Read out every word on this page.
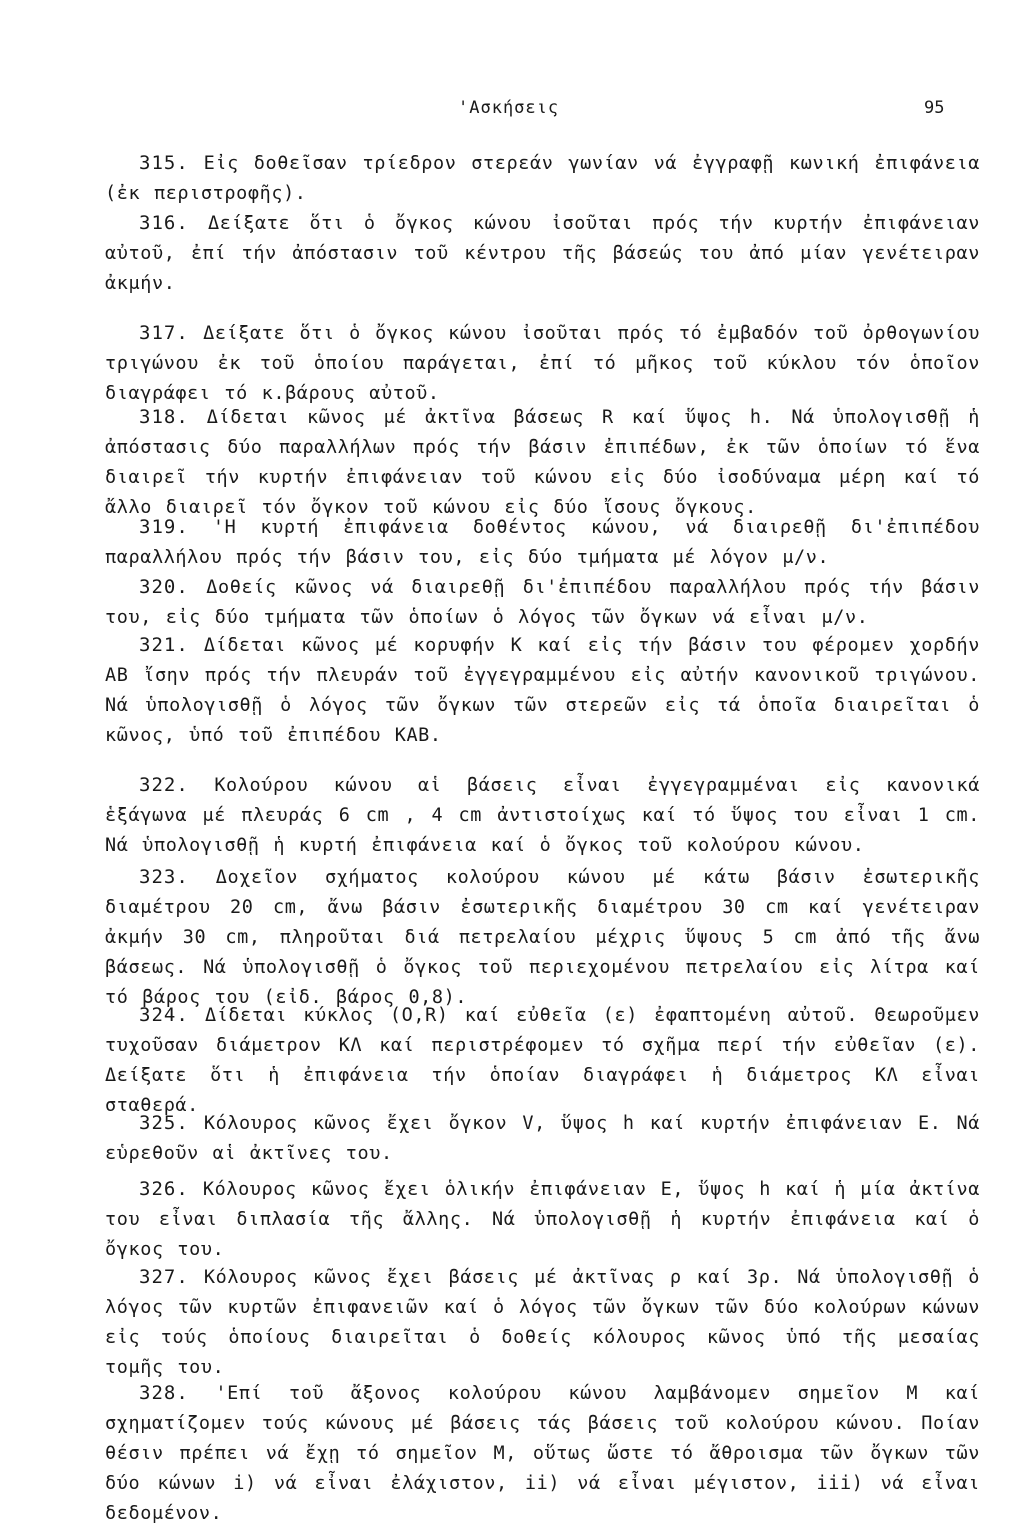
'Ασκήσεις	95

315. Εἰς δοθεῖσαν τρίεδρον στερεάν γωνίαν νά ἐγγραφῇ κωνική ἐπιφάνεια (ἐκ περιστροφῆς).

316. Δείξατε ὅτι ὁ ὄγκος κώνου ἰσοῦται πρός τήν κυρτήν ἐπιφάνειαν αὐτοῦ, ἐπί τήν ἀπόστασιν τοῦ κέντρου τῆς βάσεώς του ἀπό μίαν γενέτειραν ἀκμήν.

317. Δείξατε ὅτι ὁ ὄγκος κώνου ἰσοῦται πρός τό ἐμβαδόν τοῦ ὀρθογωνίου τριγώνου ἐκ τοῦ ὁποίου παράγεται, ἐπί τό μῆκος τοῦ κύκλου τόν ὁποῖον διαγράφει τό κ.βάρους αὐτοῦ.

318. Δίδεται κῶνος μέ ἀκτῖνα βάσεως R καί ὕψος h. Νά ὑπολογισθῇ ἡ ἀπόστασις δύο παραλλήλων πρός τήν βάσιν ἐπιπέδων, ἐκ τῶν ὁποίων τό ἕνα διαιρεῖ τήν κυρτήν ἐπιφάνειαν τοῦ κώνου εἰς δύο ἰσοδύναμα μέρη καί τό ἄλλο διαιρεῖ τόν ὄγκον τοῦ κώνου εἰς δύο ἴσους ὄγκους.

319. 'Η κυρτή ἐπιφάνεια δοθέντος κώνου, νά διαιρεθῇ δι'ἐπιπέδου παραλλήλου πρός τήν βάσιν του, εἰς δύο τμήματα μέ λόγον μ/ν.

320. Δοθείς κῶνος νά διαιρεθῇ δι'ἐπιπέδου παραλλήλου πρός τήν βάσιν του, εἰς δύο τμήματα τῶν ὁποίων ὁ λόγος τῶν ὄγκων νά εἶναι μ/ν.

321. Δίδεται κῶνος μέ κορυφήν Κ καί εἰς τήν βάσιν του φέρομεν χορδήν ΑΒ ἴσην πρός τήν πλευράν τοῦ ἐγγεγραμμένου εἰς αὐτήν κανονικοῦ τριγώνου. Νά ὑπολογισθῇ ὁ λόγος τῶν ὄγκων τῶν στερεῶν εἰς τά ὁποῖα διαιρεῖται ὁ κῶνος, ὑπό τοῦ ἐπιπέδου ΚΑΒ.

322. Κολούρου κώνου αἱ βάσεις εἶναι ἐγγεγραμμέναι εἰς κανονικά ἑξάγωνα μέ πλευράς 6 cm , 4 cm ἀντιστοίχως καί τό ὕψος του εἶναι 1 cm. Νά ὑπολογισθῇ ἡ κυρτή ἐπιφάνεια καί ὁ ὄγκος τοῦ κολούρου κώνου.

323. Δοχεῖον σχήματος κολούρου κώνου μέ κάτω βάσιν ἐσωτερικῆς διαμέτρου 20 cm, ἄνω βάσιν ἐσωτερικῆς διαμέτρου 30 cm καί γενέτειραν ἀκμήν 30 cm, πληροῦται διά πετρελαίου μέχρις ὕψους 5 cm ἀπό τῆς ἄνω βάσεως. Νά ὑπολογισθῇ ὁ ὄγκος τοῦ περιεχομένου πετρελαίου εἰς λίτρα καί τό βάρος του (εἰδ. βάρος 0,8).

324. Δίδεται κύκλος (Ο,R) καί εὐθεῖα (ε) ἐφαπτομένη αὐτοῦ. Θεωροῦμεν τυχοῦσαν διάμετρον ΚΛ καί περιστρέφομεν τό σχῆμα περί τήν εὐθεῖαν (ε). Δείξατε ὅτι ἡ ἐπιφάνεια τήν ὁποίαν διαγράφει ἡ διάμετρος ΚΛ εἶναι σταθερά.

325. Κόλουρος κῶνος ἔχει ὄγκον V, ὕψος h καί κυρτήν ἐπιφάνειαν Ε. Νά εὑρεθοῦν αἱ ἀκτῖνες του.

326. Κόλουρος κῶνος ἔχει ὁλικήν ἐπιφάνειαν Ε, ὕψος h καί ἡ μία ἀκτίνα του εἶναι διπλασία τῆς ἄλλης. Νά ὑπολογισθῇ ἡ κυρτήν ἐπιφάνεια καί ὁ ὄγκος του.

327. Κόλουρος κῶνος ἔχει βάσεις μέ ἀκτῖνας ρ καί 3ρ. Νά ὑπολογισθῇ ὁ λόγος τῶν κυρτῶν ἐπιφανειῶν καί ὁ λόγος τῶν ὄγκων τῶν δύο κολούρων κώνων εἰς τούς ὁποίους διαιρεῖται ὁ δοθείς κόλουρος κῶνος ὑπό τῆς μεσαίας τομῆς του.

328. 'Επί τοῦ ἄξονος κολούρου κώνου λαμβάνομεν σημεῖον Μ καί σχηματίζομεν τούς κώνους μέ βάσεις τάς βάσεις τοῦ κολούρου κώνου. Ποίαν θέσιν πρέπει νά ἔχῃ τό σημεῖον Μ, οὕτως ὥστε τό ἄθροισμα τῶν ὄγκων τῶν δύο κώνων i) νά εἶναι ἐλάχιστον, ii) νά εἶναι μέγιστον, iii) νά εἶναι δεδομένον.
